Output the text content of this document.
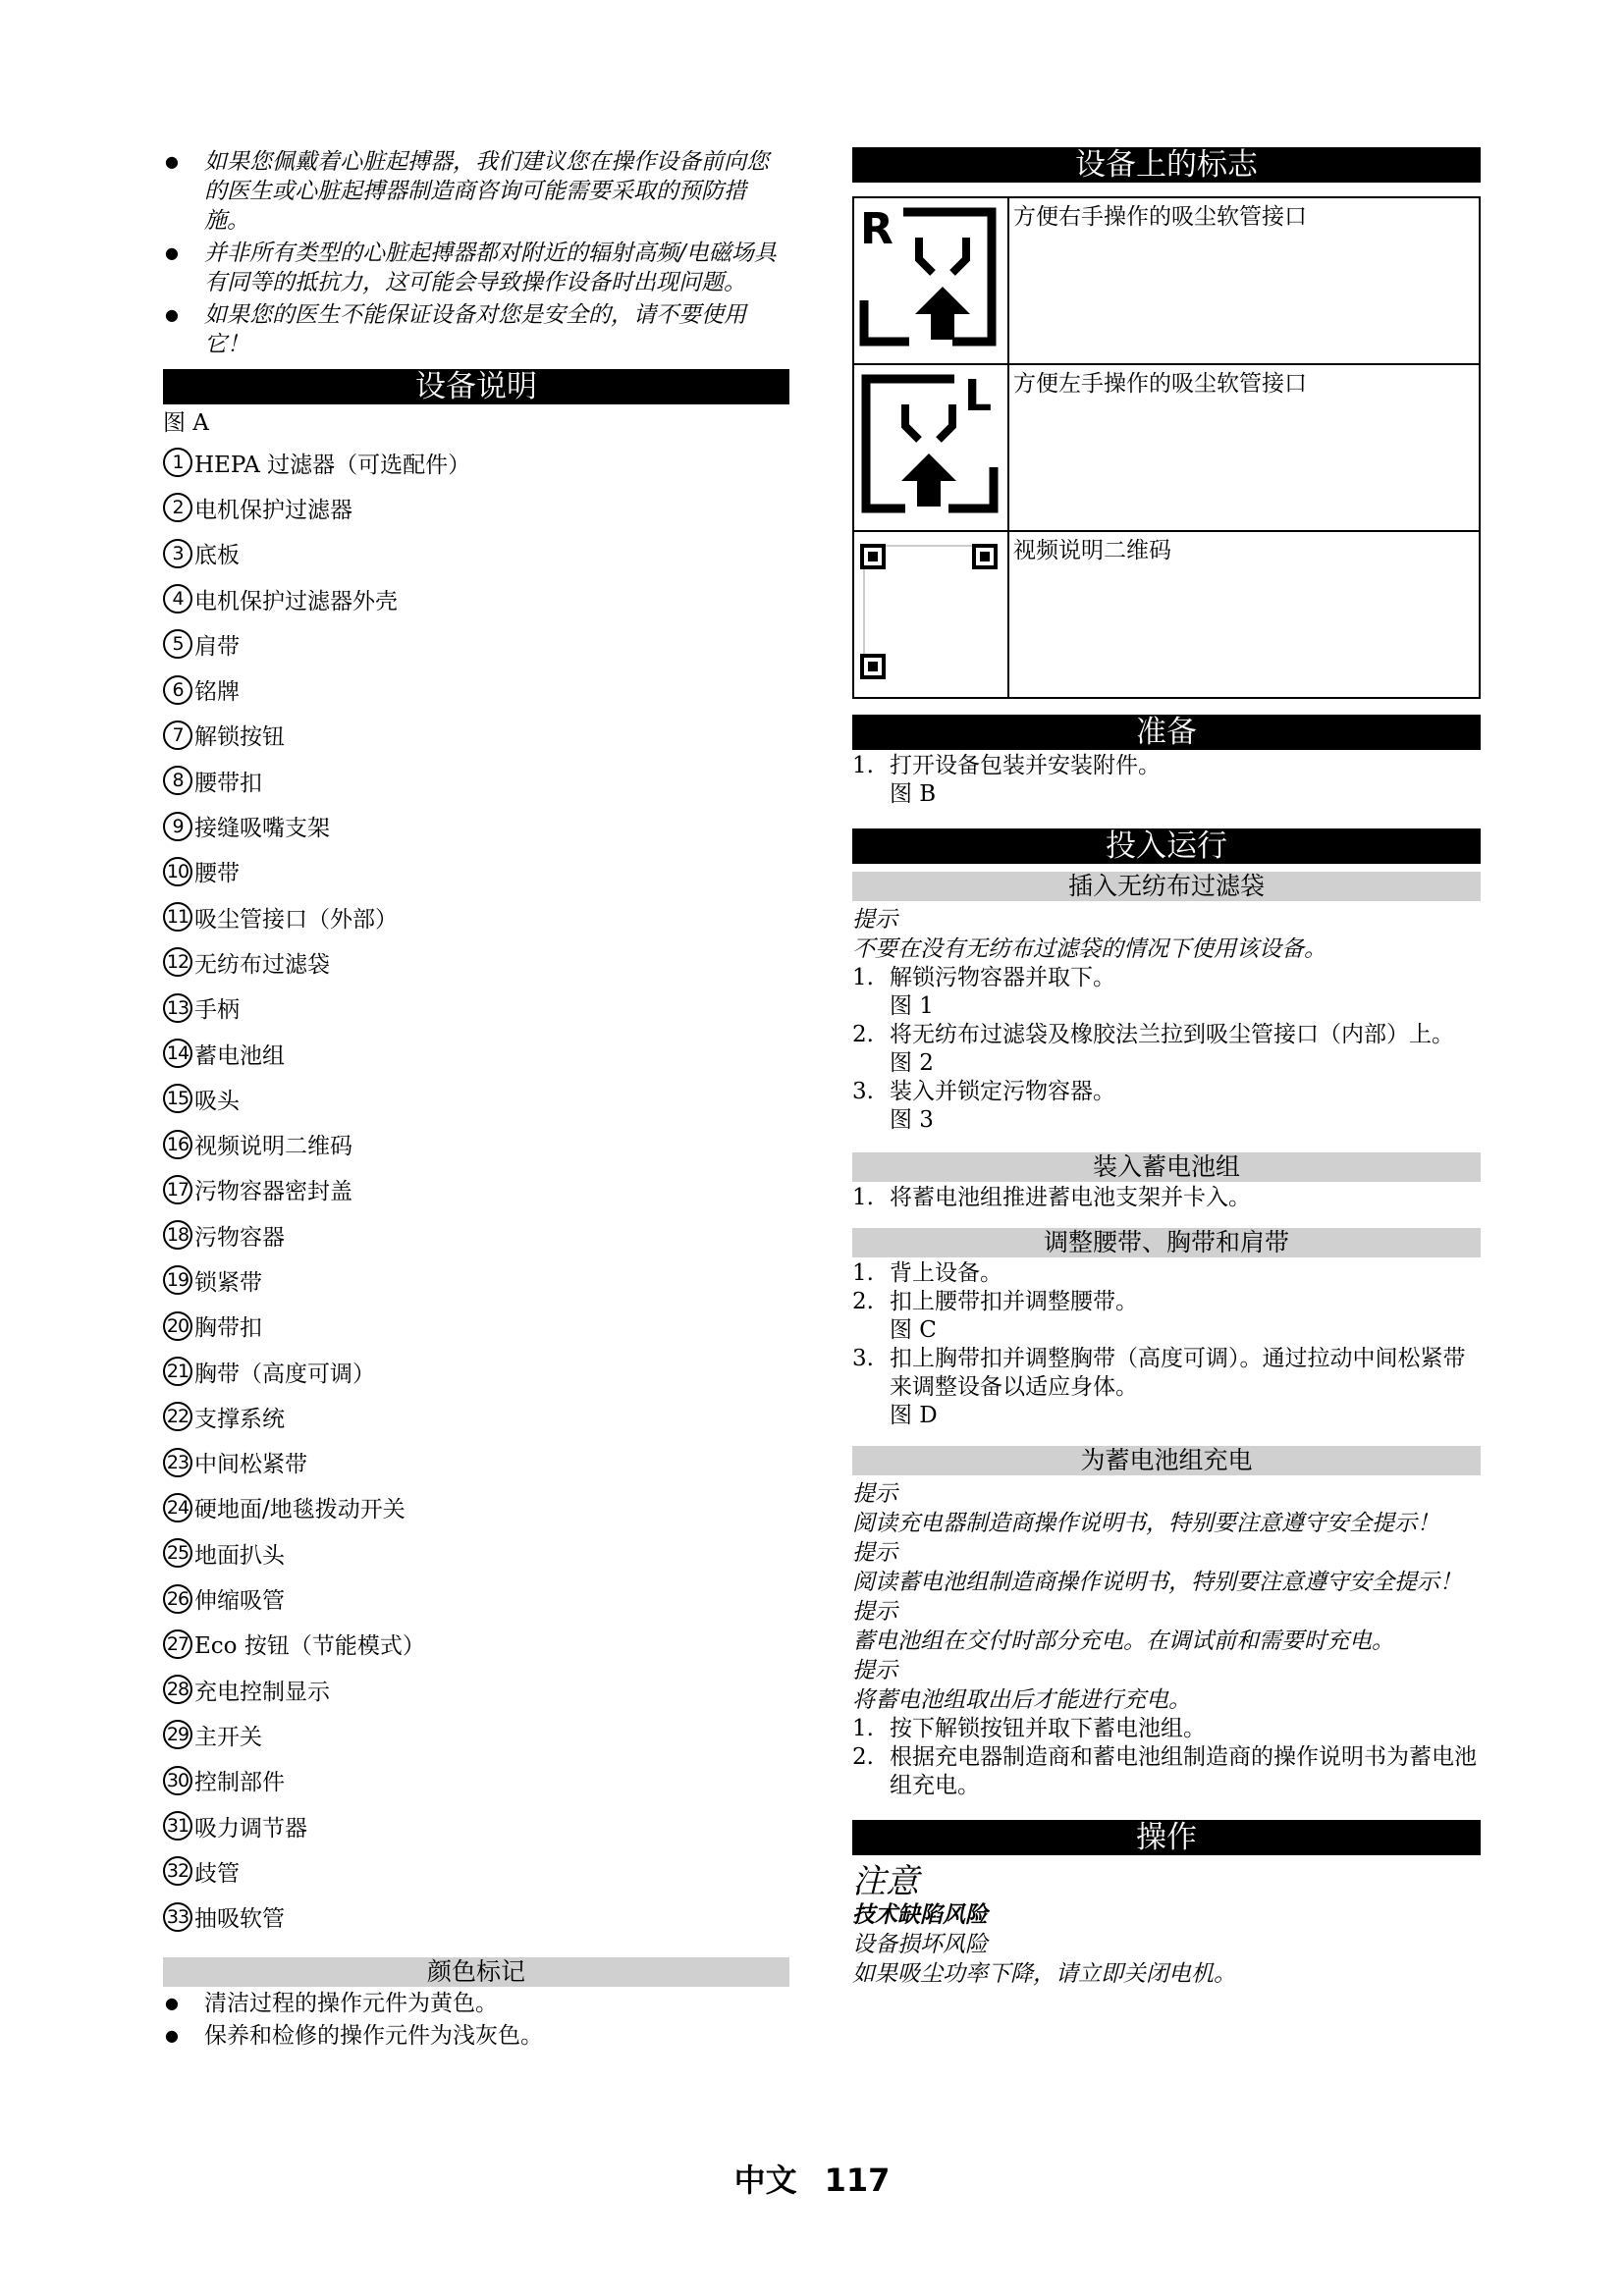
● 如果您佩戴着心脏起搏器，我们建议您在操作设备前向您的医生或心脏起搏器制造商咨询可能需要采取的预防措施。
● 并非所有类型的心脏起搏器都对附近的辐射高频/电磁场具有同等的抵抗力，这可能会导致操作设备时出现问题。
● 如果您的医生不能保证设备对您是安全的，请不要使用它！
设备说明
图 A
1 HEPA 过滤器（可选配件）
2 电机保护过滤器
3 底板
4 电机保护过滤器外壳
5 肩带
6 铭牌
7 解锁按钮
8 腰带扣
9 接缝吸嘴支架
10 腰带
11 吸尘管接口（外部）
12 无纺布过滤袋
13 手柄
14 蓄电池组
15 吸头
16 视频说明二维码
17 污物容器密封盖
18 污物容器
19 锁紧带
20 胸带扣
21 胸带（高度可调）
22 支撑系统
23 中间松紧带
24 硬地面/地毯拨动开关
25 地面扒头
26 伸缩吸管
27 Eco 按钮（节能模式）
28 充电控制显示
29 主开关
30 控制部件
31 吸力调节器
32 歧管
33 抽吸软管
颜色标记
● 清洁过程的操作元件为黄色。
● 保养和检修的操作元件为浅灰色。
设备上的标志
R	方便右手操作的吸尘软管接口

L	方便左手操作的吸尘软管接口
	视频说明二维码
准备
1. 打开设备包装并安装附件。
图 B
投入运行
插入无纺布过滤袋
提示
不要在没有无纺布过滤袋的情况下使用该设备。
1. 解锁污物容器并取下。
图 1
2. 将无纺布过滤袋及橡胶法兰拉到吸尘管接口（内部）上。
图 2
3. 装入并锁定污物容器。
图 3
装入蓄电池组
1. 将蓄电池组推进蓄电池支架并卡入。
调整腰带、胸带和肩带
1. 背上设备。
2. 扣上腰带扣并调整腰带。
图 C
3. 扣上胸带扣并调整胸带（高度可调）。通过拉动中间松紧带来调整设备以适应身体。
图 D
为蓄电池组充电
提示
阅读充电器制造商操作说明书，特别要注意遵守安全提示！
提示
阅读蓄电池组制造商操作说明书，特别要注意遵守安全提示！
提示
蓄电池组在交付时部分充电。在调试前和需要时充电。
提示
将蓄电池组取出后才能进行充电。
1. 按下解锁按钮并取下蓄电池组。
2. 根据充电器制造商和蓄电池组制造商的操作说明书为蓄电池组充电。
操作
注意
技术缺陷风险
设备损坏风险
如果吸尘功率下降，请立即关闭电机。
中文 117
